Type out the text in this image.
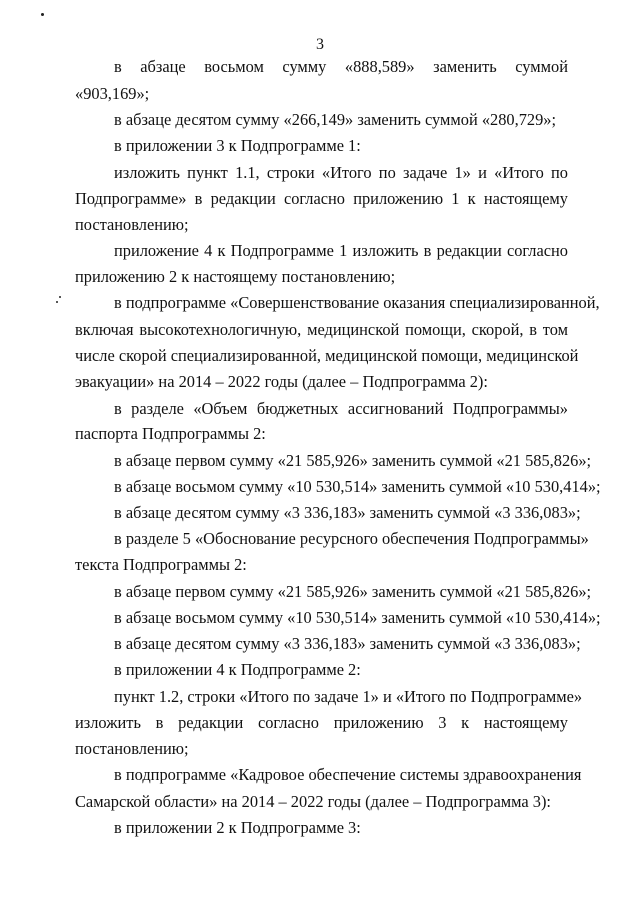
3
в абзаце восьмом сумму «888,589» заменить суммой
«903,169»;
в абзаце десятом сумму «266,149» заменить суммой «280,729»;
в приложении 3 к Подпрограмме 1:
изложить пункт 1.1, строки «Итого по задаче 1» и «Итого по
Подпрограмме» в редакции согласно приложению 1 к настоящему
постановлению;
приложение 4 к Подпрограмме 1 изложить в редакции согласно
приложению 2 к настоящему постановлению;
в подпрограмме «Совершенствование оказания специализированной,
включая высокотехнологичную, медицинской помощи, скорой, в том
числе скорой специализированной, медицинской помощи, медицинской
эвакуации» на 2014 – 2022 годы (далее – Подпрограмма 2):
в разделе «Объем бюджетных ассигнований Подпрограммы»
паспорта Подпрограммы 2:
в абзаце первом сумму «21 585,926» заменить суммой «21 585,826»;
в абзаце восьмом сумму «10 530,514» заменить суммой «10 530,414»;
в абзаце десятом сумму «3 336,183» заменить суммой «3 336,083»;
в разделе 5 «Обоснование ресурсного обеспечения Подпрограммы»
текста Подпрограммы 2:
в абзаце первом сумму «21 585,926» заменить суммой «21 585,826»;
в абзаце восьмом сумму «10 530,514» заменить суммой «10 530,414»;
в абзаце десятом сумму «3 336,183» заменить суммой «3 336,083»;
в приложении 4 к Подпрограмме 2:
пункт 1.2, строки «Итого по задаче 1» и «Итого по Подпрограмме»
изложить в редакции согласно приложению 3 к настоящему
постановлению;
в подпрограмме «Кадровое обеспечение системы здравоохранения
Самарской области» на 2014 – 2022 годы (далее – Подпрограмма 3):
в приложении 2 к Подпрограмме 3:
